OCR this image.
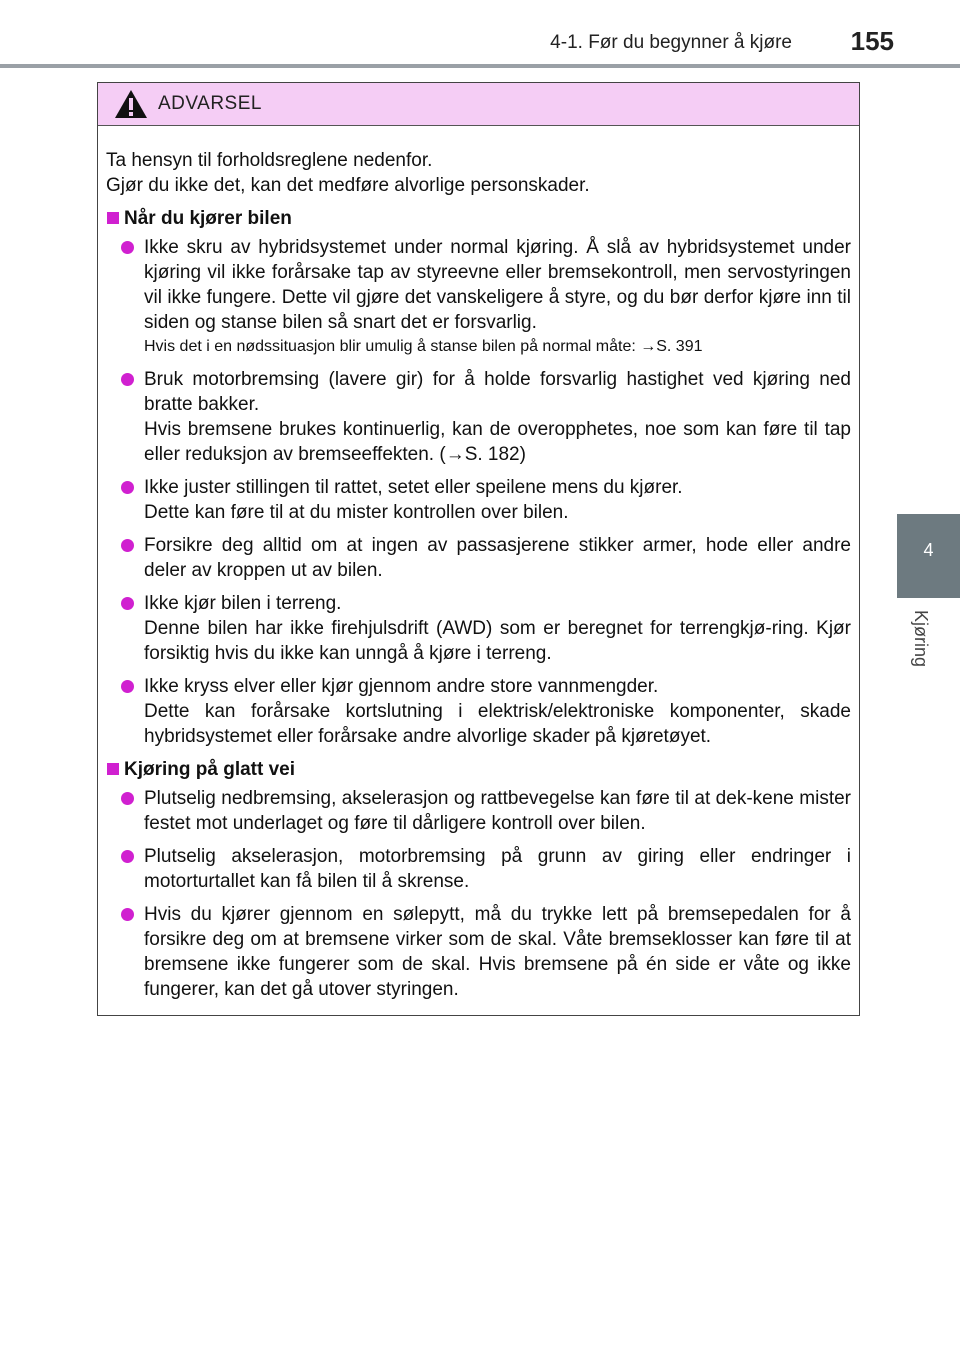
4-1. Før du begynner å kjøre 155
4
Kjøring
ADVARSEL

Ta hensyn til forholdsreglene nedenfor.
Gjør du ikke det, kan det medføre alvorlige personskader.

Når du kjører bilen

Ikke skru av hybridsystemet under normal kjøring. Å slå av hybridsystemet under kjøring vil ikke forårsake tap av styreevne eller bremsekontroll, men servostyringen vil ikke fungere. Dette vil gjøre det vanskeligere å styre, og du bør derfor kjøre inn til siden og stanse bilen så snart det er forsvarlig.

Hvis det i en nødssituasjon blir umulig å stanse bilen på normal måte: →S. 391

Bruk motorbremsing (lavere gir) for å holde forsvarlig hastighet ved kjøring ned bratte bakker.

Hvis bremsene brukes kontinuerlig, kan de overopphetes, noe som kan føre til tap eller reduksjon av bremseeffekten. (→S. 182)

Ikke juster stillingen til rattet, setet eller speilene mens du kjører.

Dette kan føre til at du mister kontrollen over bilen.

Forsikre deg alltid om at ingen av passasjerene stikker armer, hode eller andre deler av kroppen ut av bilen.

Ikke kjør bilen i terreng.

Denne bilen har ikke firehjulsdrift (AWD) som er beregnet for terrengkjø-ring. Kjør forsiktig hvis du ikke kan unngå å kjøre i terreng.

Ikke kryss elver eller kjør gjennom andre store vannmengder.

Dette kan forårsake kortslutning i elektrisk/elektroniske komponenter, skade hybridsystemet eller forårsake andre alvorlige skader på kjøretøyet.

Kjøring på glatt vei

Plutselig nedbremsing, akselerasjon og rattbevegelse kan føre til at dek-kene mister festet mot underlaget og føre til dårligere kontroll over bilen.

Plutselig akselerasjon, motorbremsing på grunn av giring eller endringer i motorturtallet kan få bilen til å skrense.

Hvis du kjører gjennom en sølepytt, må du trykke lett på bremsepedalen for å forsikre deg om at bremsene virker som de skal. Våte bremseklosser kan føre til at bremsene ikke fungerer som de skal. Hvis bremsene på én side er våte og ikke fungerer, kan det gå utover styringen.
